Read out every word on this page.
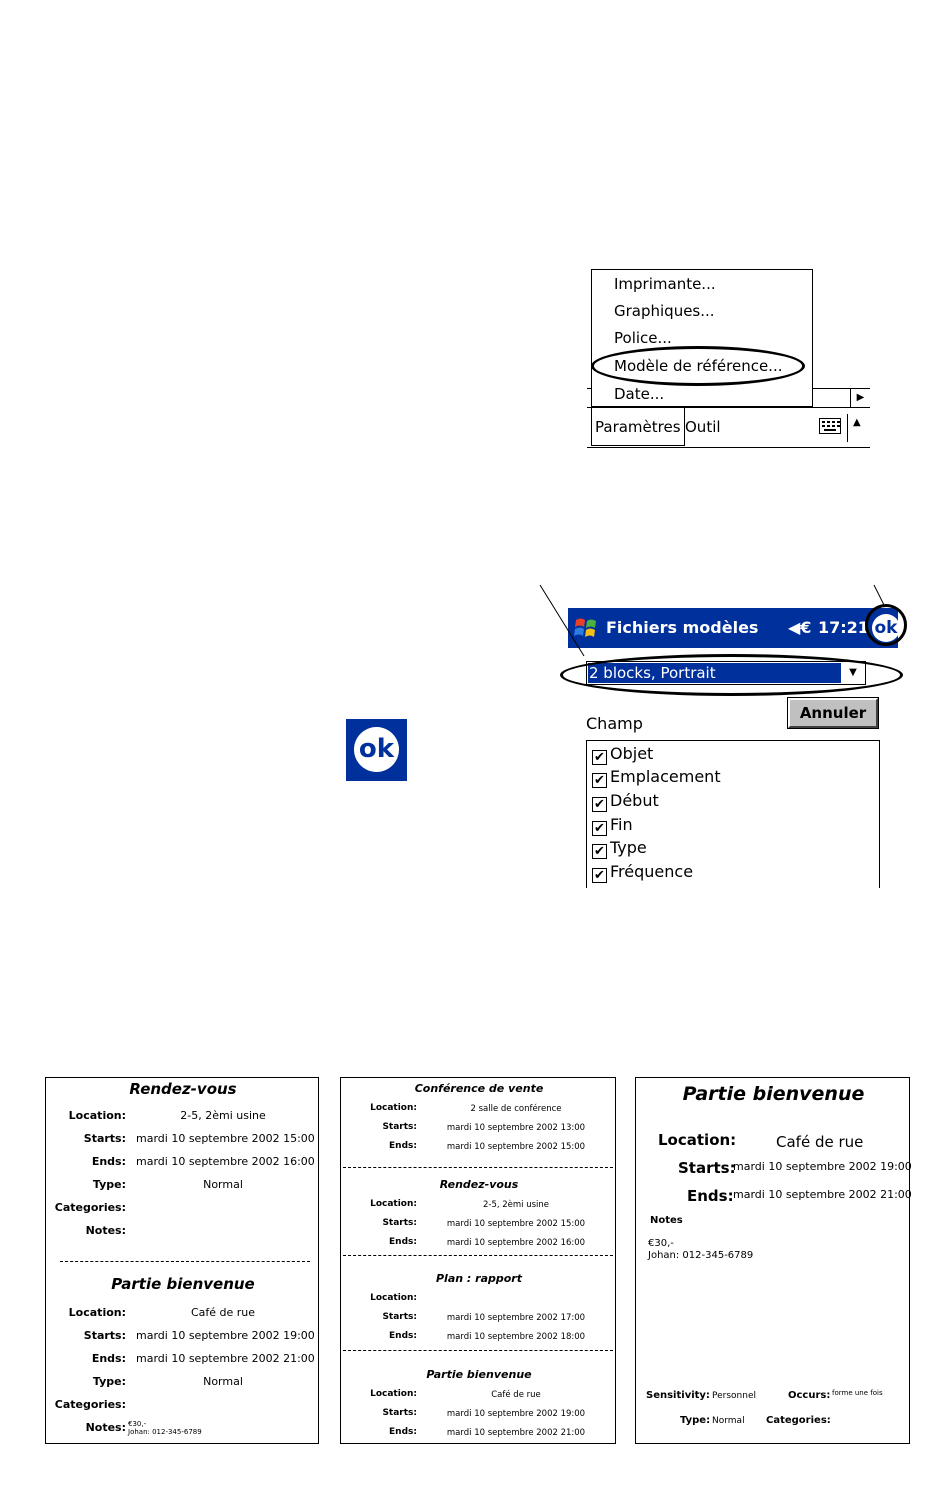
▶
Imprimante...
Graphiques...
Police...
Modèle de référence...
Date...
Paramètres Outil	▲
Fichiers modèles ◀€ 17:21 ok
2 blocks, Portrait	▼
Annuler
Champ
✔ Objet
✔ Emplacement
✔ Début
✔ Fin
✔ Type
✔ Fréquence
ok
Rendez-vous
Location:	2-5, 2èmi usine
Starts: mardi 10 septembre 2002 15:00
Ends: mardi 10 septembre 2002 16:00
Type:	Normal
Categories:
Notes:
Partie bienvenue
Location:	Café de rue
Starts: mardi 10 septembre 2002 19:00
Ends: mardi 10 septembre 2002 21:00
Type:	Normal
Categories:
Notes: €30,-
Johan: 012-345-6789
Conférence de vente
Location:	2 salle de conférence
Starts:	mardi 10 septembre 2002 13:00
Ends:	mardi 10 septembre 2002 15:00
Rendez-vous
Location:	2-5, 2èmi usine
Starts:	mardi 10 septembre 2002 15:00
Ends:	mardi 10 septembre 2002 16:00
Plan : rapport
Location:
Starts:	mardi 10 septembre 2002 17:00
Ends:	mardi 10 septembre 2002 18:00
Partie bienvenue
Location:	Café de rue
Starts:	mardi 10 septembre 2002 19:00
Ends:	mardi 10 septembre 2002 21:00
Partie bienvenue
Location:	Café de rue
Starts:
mardi 10 septembre 2002 19:00
Ends: mardi 10 septembre 2002 21:00
Notes
€30,-
Johan: 012-345-6789
Sensitivity: Personnel	Occurs: forme une fois
Type: Normal Categories:
